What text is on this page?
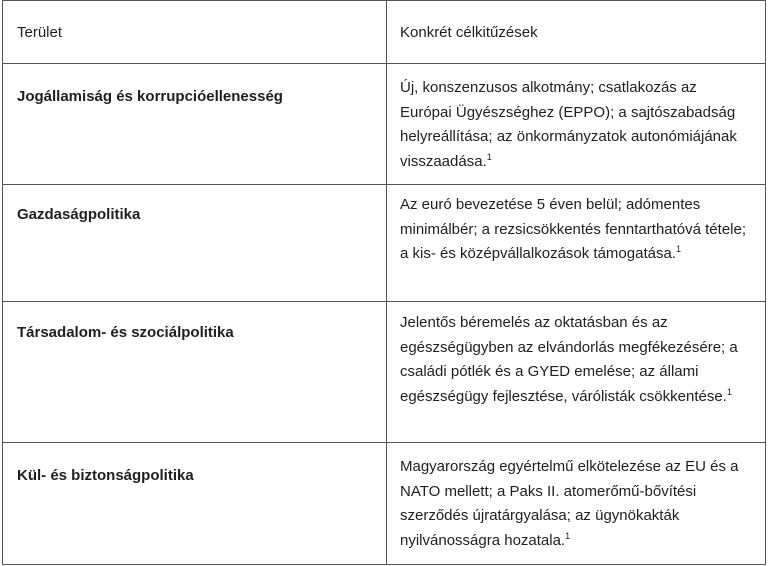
Terület	Konkrét célkitűzések
Jogállamiság és korrupcióellenesség
Új, konszenzusos alkotmány; csatlakozás az Európai Ügyészséghez (EPPO); a sajtószabadság helyreállítása; az önkormányzatok autonómiájának visszaadása.$^1$
Gazdaságpolitika
Az euró bevezetése 5 éven belül; adómentes minimálbér; a rezsicsökkentés fenntarthatóvá tétele; a kis- és középvállalkozások támogatása.$^1$
Társadalom- és szociálpolitika
Jelentős béremelés az oktatásban és az egészségügyben az elvándorlás megfékezésére; a családi pótlék és a GYED emelése; az állami egészségügy fejlesztése, várólisták csökkentése.$^1$
Kül- és biztonságpolitika
Magyarország egyértelmű elkötelezése az EU és a NATO mellett; a Paks II. atomerőmű-bővítési szerződés újratárgyalása; az ügynökakták nyilvánosságra hozatala.$^1$
